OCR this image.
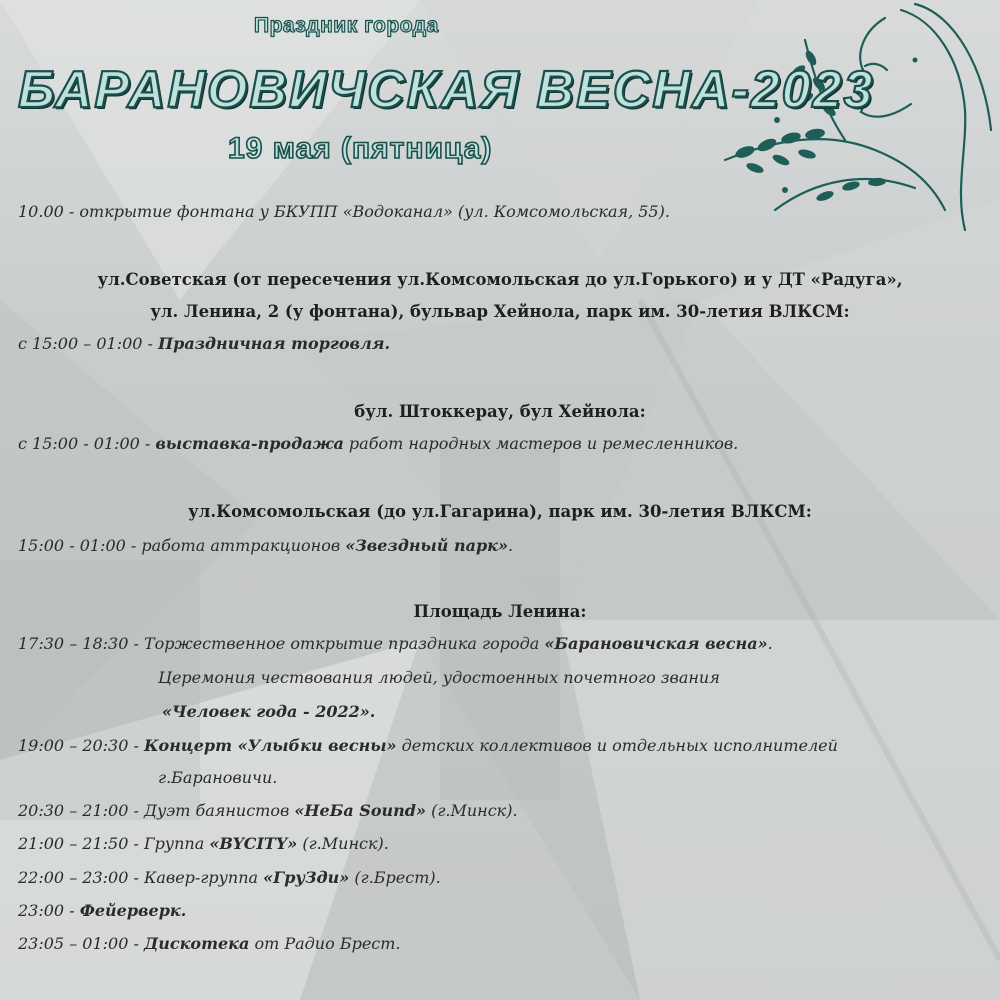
Праздник города
БАРАНОВИЧСКАЯ ВЕСНА-2023
19 мая (пятница)
10.00 - открытие фонтана у БКУПП «Водоканал» (ул. Комсомольская, 55).
ул.Советская (от пересечения ул.Комсомольская до ул.Горького) и у ДТ «Радуга»,
ул. Ленина, 2 (у фонтана), бульвар Хейнола, парк им. 30-летия ВЛКСМ:
с 15:00 – 01:00 - Праздничная торговля.
бул. Штоккерау, бул Хейнола:
с 15:00 - 01:00 - выставка-продажа работ народных мастеров и ремесленников.
ул.Комсомольская (до ул.Гагарина), парк им. 30-летия ВЛКСМ:
15:00 - 01:00 - работа аттракционов «Звездный парк».
Площадь Ленина:
17:30 – 18:30 - Торжественное открытие праздника города «Барановичская весна».
Церемония чествования людей, удостоенных почетного звания
«Человек года - 2022».
19:00 – 20:30 - Концерт «Улыбки весны» детских коллективов и отдельных исполнителей
г.Барановичи.
20:30 – 21:00 - Дуэт баянистов «НеБа Sound» (г.Минск).
21:00 – 21:50 - Группа «BYCITY» (г.Минск).
22:00 – 23:00 - Кавер-группа «ГруЗди» (г.Брест).
23:00 - Фейерверк.
23:05 – 01:00 - Дискотека от Радио Брест.
